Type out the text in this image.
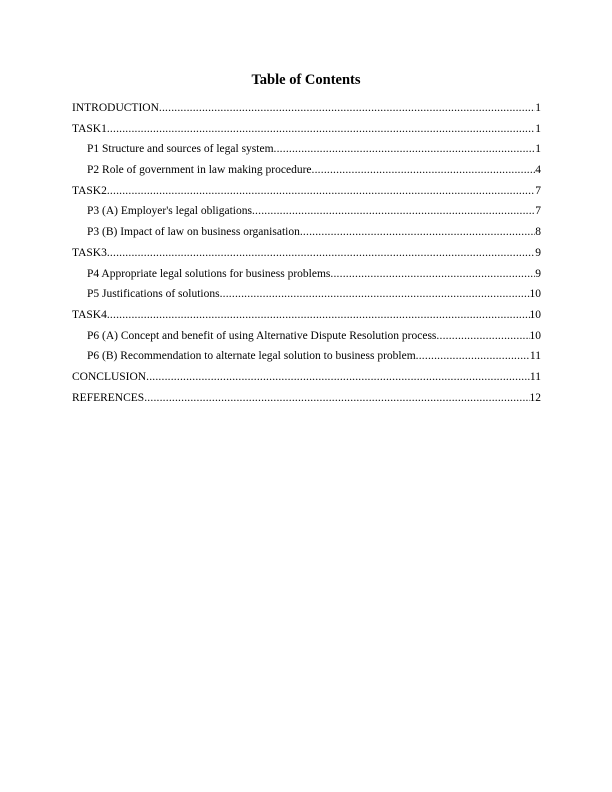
Table of Contents
INTRODUCTION .....	1
TASK1 .....	1
P1 Structure and sources of legal system .....	1
P2 Role of government in law making procedure .....	4
TASK2 .....	7
P3 (A) Employer's legal obligations .....	7
P3 (B) Impact of law on business organisation .....	8
TASK3 .....	9
P4 Appropriate legal solutions for business problems .....	9
P5 Justifications of solutions .....	10
TASK4 .....	10
P6 (A) Concept and benefit of using Alternative Dispute Resolution process .....	10
P6 (B) Recommendation to alternate legal solution to business problem .....	11
CONCLUSION .....	11
REFERENCES .....	12
